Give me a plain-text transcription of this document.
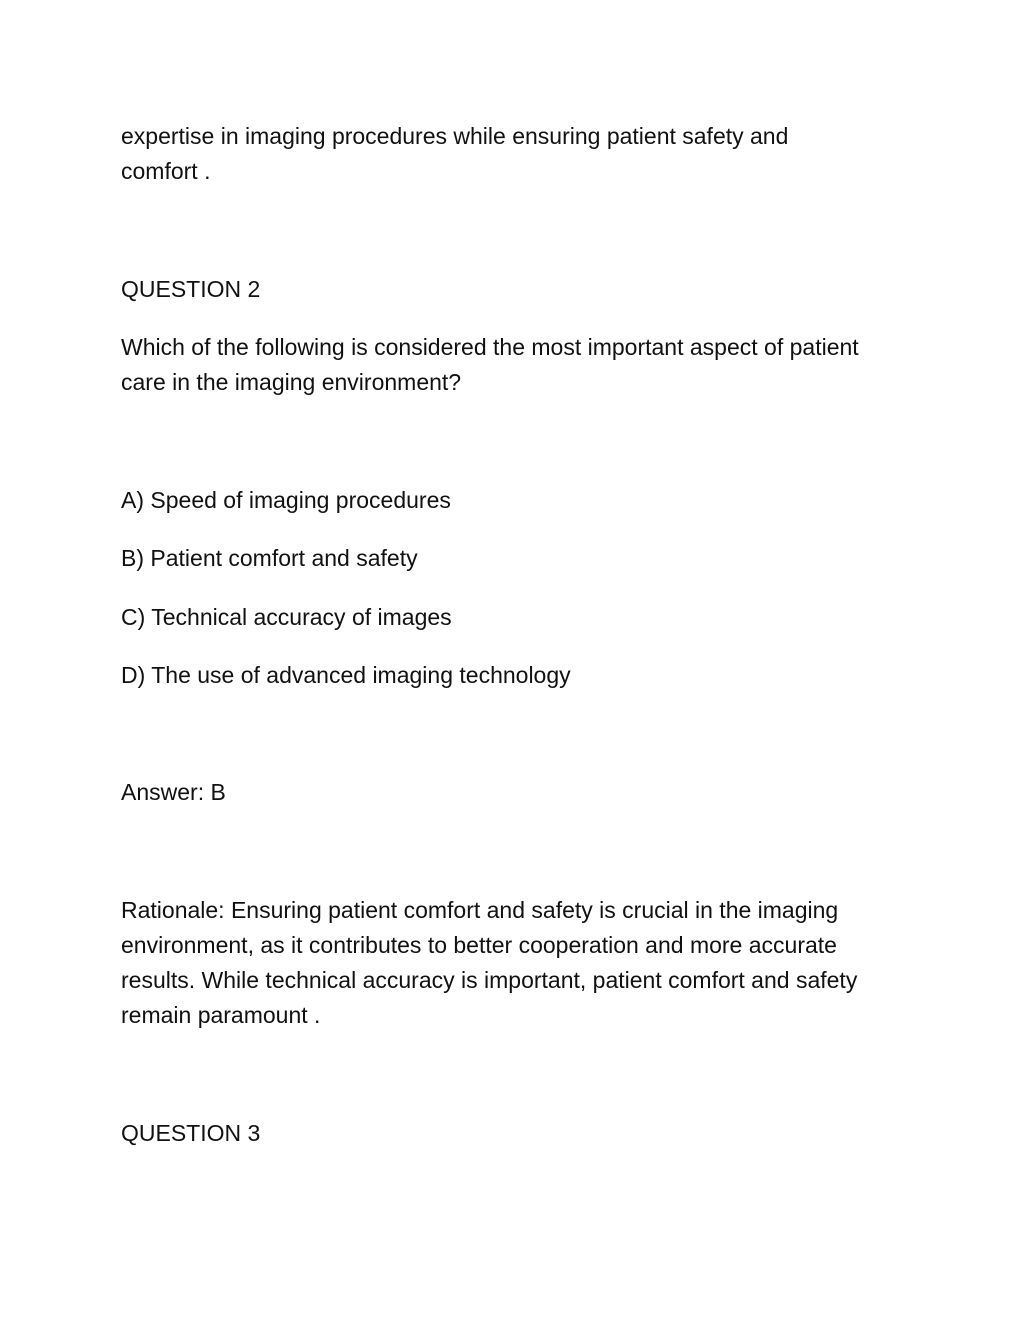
expertise in imaging procedures while ensuring patient safety and comfort .

QUESTION 2

Which of the following is considered the most important aspect of patient care in the imaging environment?

A) Speed of imaging procedures

B) Patient comfort and safety

C) Technical accuracy of images

D) The use of advanced imaging technology

Answer: B

Rationale: Ensuring patient comfort and safety is crucial in the imaging environment, as it contributes to better cooperation and more accurate results. While technical accuracy is important, patient comfort and safety remain paramount .

QUESTION 3
